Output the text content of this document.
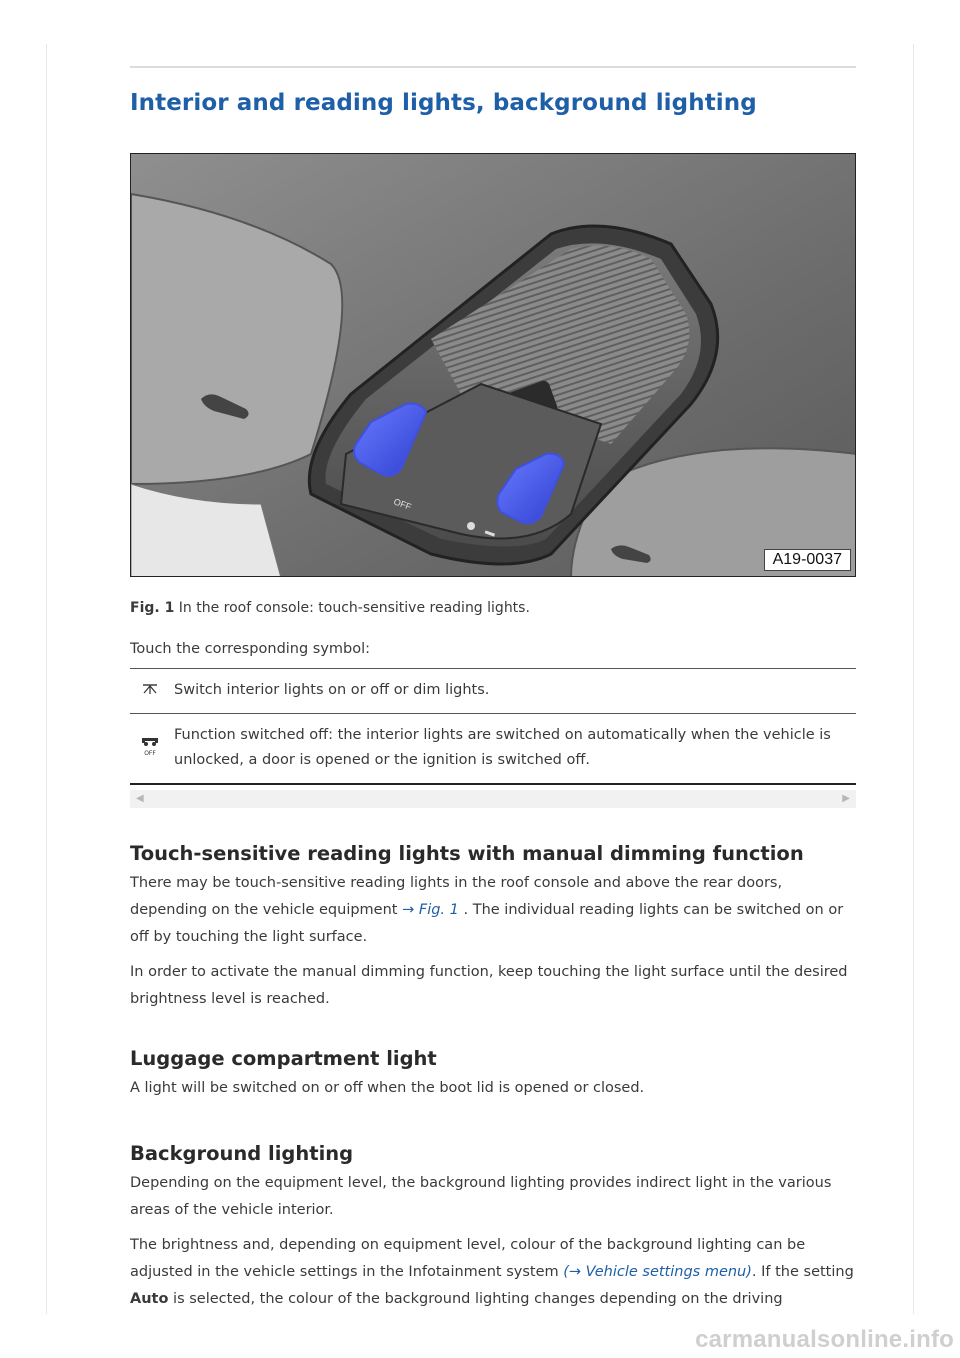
Interior and reading lights, background lighting
OFF
A19-0037

Fig. 1 In the roof console: touch-sensitive reading lights.

Touch the corresponding symbol:

Switch interior lights on or off or dim lights.
OFF
Function switched off: the interior lights are switched on automatically when the vehicle is unlocked, a door is opened or the ignition is switched off.
◀	▶
Touch-sensitive reading lights with manual dimming function

There may be touch-sensitive reading lights in the roof console and above the rear doors, depending on the vehicle equipment → Fig. 1 . The individual reading lights can be switched on or off by touching the light surface.

In order to activate the manual dimming function, keep touching the light surface until the desired brightness level is reached.

Luggage compartment light

A light will be switched on or off when the boot lid is opened or closed.

Background lighting

Depending on the equipment level, the background lighting provides indirect light in the various areas of the vehicle interior.

The brightness and, depending on equipment level, colour of the background lighting can be adjusted in the vehicle settings in the Infotainment system (→ Vehicle settings menu). If the setting Auto is selected, the colour of the background lighting changes depending on the driving

carmanualsonline.info
